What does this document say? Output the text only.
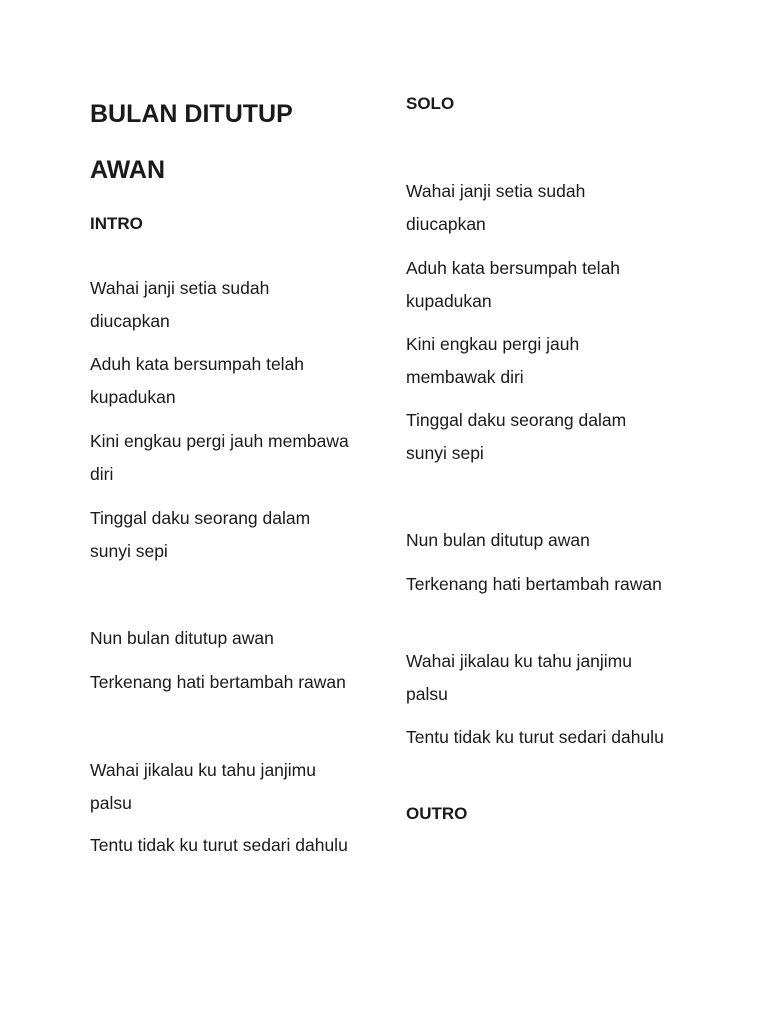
BULAN DITUTUP AWAN

INTRO

Wahai janji setia sudah diucapkan

Aduh kata bersumpah telah kupadukan

Kini engkau pergi jauh membawa diri

Tinggal daku seorang dalam sunyi sepi

Nun bulan ditutup awan

Terkenang hati bertambah rawan

Wahai jikalau ku tahu janjimu palsu

Tentu tidak ku turut sedari dahulu

SOLO

Wahai janji setia sudah diucapkan

Aduh kata bersumpah telah kupadukan

Kini engkau pergi jauh membawak diri

Tinggal daku seorang dalam sunyi sepi

Nun bulan ditutup awan

Terkenang hati bertambah rawan

Wahai jikalau ku tahu janjimu palsu

Tentu tidak ku turut sedari dahulu

OUTRO
